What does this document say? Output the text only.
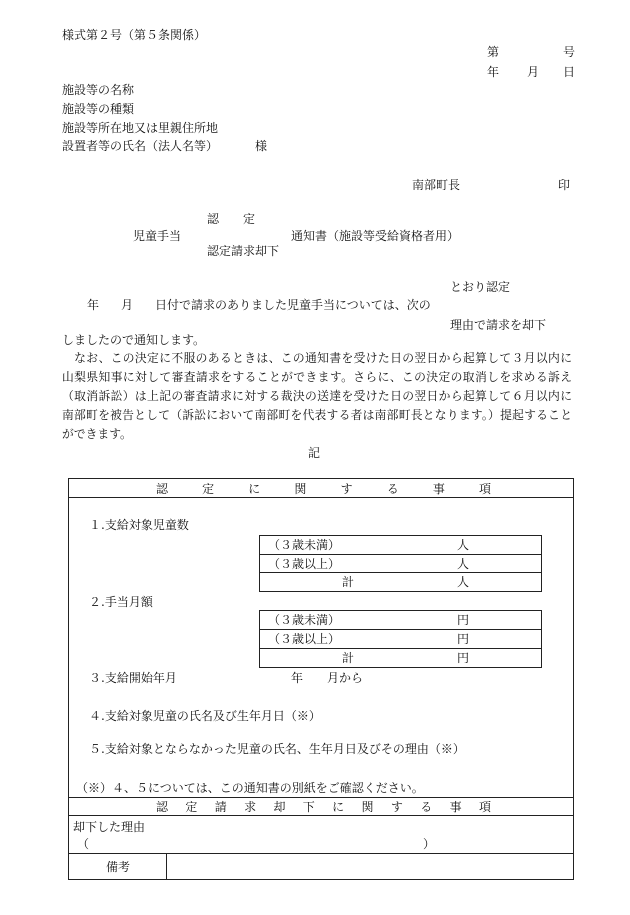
様式第２号（第５条関係）
第	号
年 月 日
施設等の名称
施設等の種類
施設等所在地又は里親住所地
設置者等の氏名（法人名等）	様
南部町長	印
認定
児童手当	通知書（施設等受給資格者用）
認定請求却下
とおり認定
年 月 日付で請求のありました児童手当については、次の
理由で請求を却下
しましたので通知します。
　なお、この決定に不服のあるときは、この通知書を受けた日の翌日から起算して３月以内に
山梨県知事に対して審査請求をすることができます。さらに、この決定の取消しを求める訴え
（取消訴訟）は上記の審査請求に対する裁決の送達を受けた日の翌日から起算して６月以内に
南部町を被告として（訴訟において南部町を代表する者は南部町長となります。）提起すること
ができます。
記
認定に関する事項
１.支給対象児童数
（３歳未満）	人
（３歳以上）	人
計	人
２.手当月額
（３歳未満）	円
（３歳以上）	円
計	円
３.支給開始年月	年 月から
４.支給対象児童の氏名及び生年月日（※）
５.支給対象とならなかった児童の氏名、生年月日及びその理由（※）
（※）４、５については、この通知書の別紙をご確認ください。
認定請求却下に関する事項
却下した理由
（	）
備考
